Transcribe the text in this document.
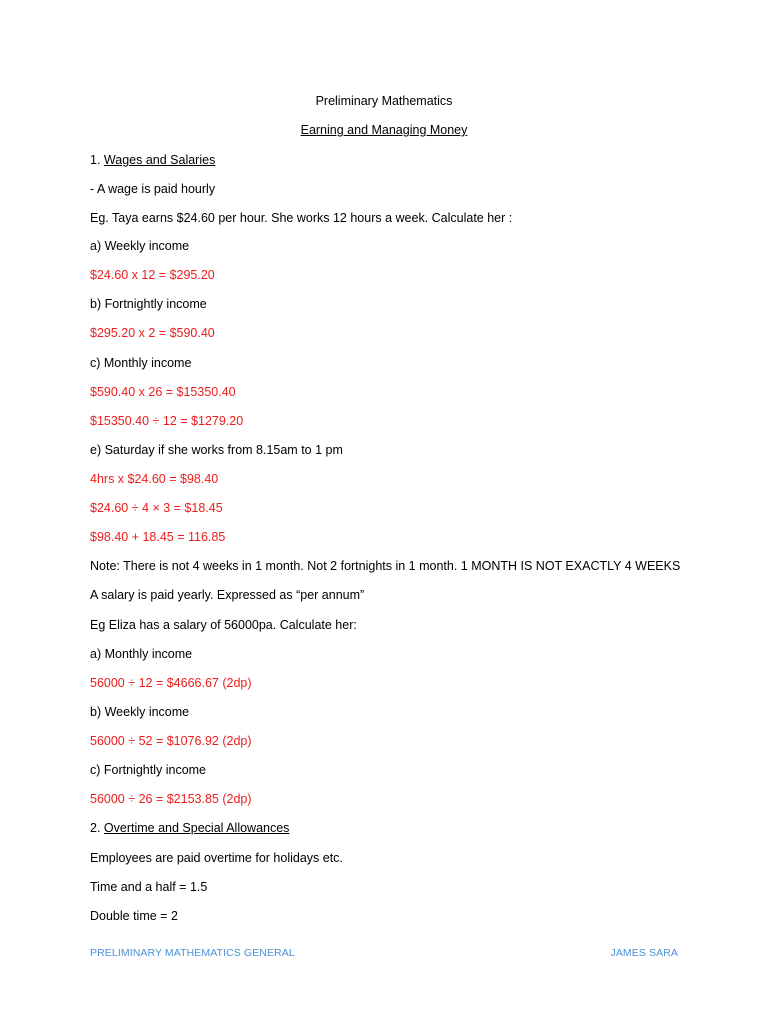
Preliminary Mathematics
Earning and Managing Money
1. Wages and Salaries
- A wage is paid hourly
Eg. Taya earns $24.60 per hour. She works 12 hours a week. Calculate her :
a) Weekly income
$24.60 x 12 = $295.20
b) Fortnightly income
$295.20 x 2 = $590.40
c) Monthly income
$590.40 x 26 = $15350.40
$15350.40 ÷ 12 = $1279.20
e) Saturday if she works from 8.15am to 1 pm
4hrs x $24.60 = $98.40
$24.60 ÷ 4 × 3 = $18.45
$98.40 + 18.45 = 116.85
Note: There is not 4 weeks in 1 month. Not 2 fortnights in 1 month. 1 MONTH IS NOT EXACTLY 4 WEEKS
A salary is paid yearly. Expressed as “per annum”
Eg Eliza has a salary of 56000pa. Calculate her:
a) Monthly income
56000 ÷ 12 = $4666.67 (2dp)
b) Weekly income
56000 ÷ 52 = $1076.92 (2dp)
c) Fortnightly income
56000 ÷ 26 = $2153.85 (2dp)
2. Overtime and Special Allowances
Employees are paid overtime for holidays etc.
Time and a half = 1.5
Double time = 2
PRELIMINARY MATHEMATICS GENERAL	JAMES SARA
